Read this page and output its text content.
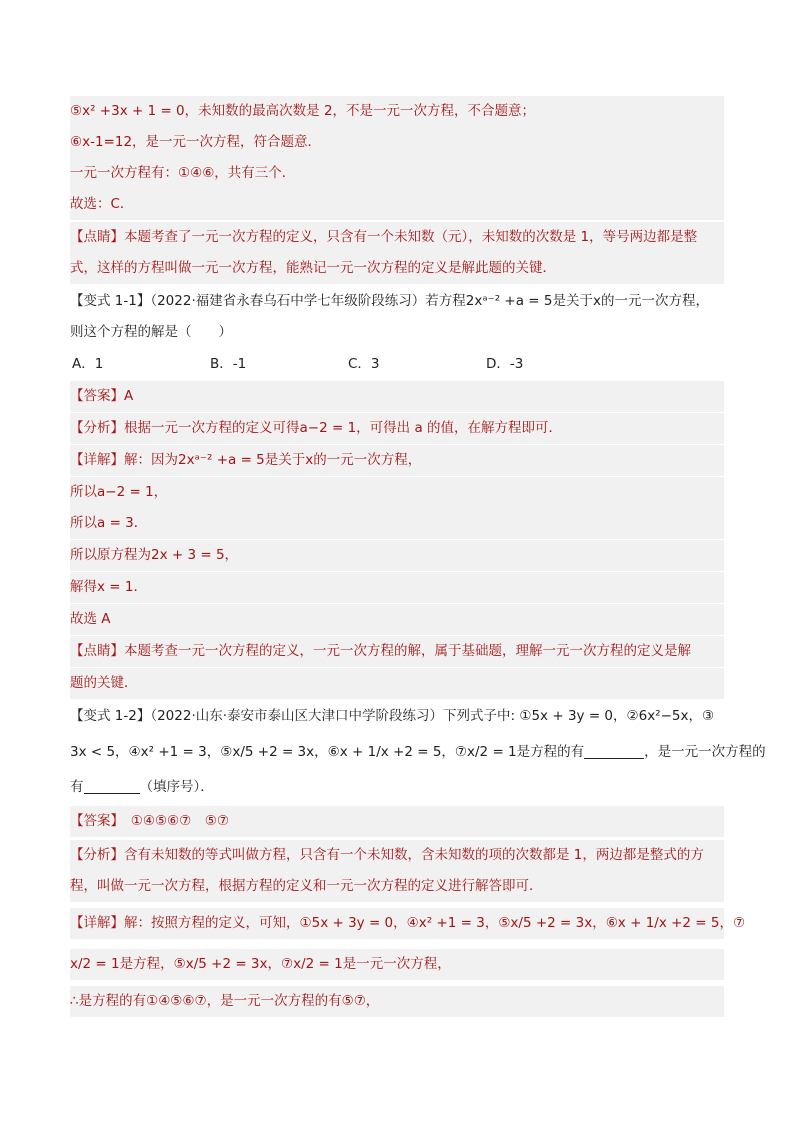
⑤x² +3x + 1 = 0，未知数的最高次数是 2，不是一元一次方程，不合题意；
⑥x-1=12，是一元一次方程，符合题意．
一元一次方程有：①④⑥，共有三个．
故选：C．
【点睛】本题考查了一元一次方程的定义，只含有一个未知数（元），未知数的次数是 1，等号两边都是整
式，这样的方程叫做一元一次方程，能熟记一元一次方程的定义是解此题的关键．
【变式 1-1】（2022·福建省永春乌石中学七年级阶段练习）若方程2xᵃ⁻² +a = 5是关于x的一元一次方程，
则这个方程的解是（　　）
A．1	B．-1	C．3	D．-3
【答案】A
【分析】根据一元一次方程的定义可得a−2 = 1，可得出 a 的值，在解方程即可．
【详解】解：因为2xᵃ⁻² +a = 5是关于x的一元一次方程，
所以a−2 = 1，
所以a = 3．
所以原方程为2x + 3 = 5，
解得x = 1．
故选 A
【点睛】本题考查一元一次方程的定义，一元一次方程的解，属于基础题，理解一元一次方程的定义是解
题的关键．
【变式 1-2】（2022·山东·泰安市泰山区大津口中学阶段练习）下列式子中: ①5x + 3y = 0，②6x²−5x，③
3x < 5，④x² +1 = 3，⑤x/5 +2 = 3x，⑥x + 1/x +2 = 5，⑦x/2 = 1是方程的有	，是一元一次方程的
有	（填序号）．
【答案】　①④⑤⑥⑦　⑤⑦
【分析】含有未知数的等式叫做方程，只含有一个未知数，含未知数的项的次数都是 1，两边都是整式的方
程，叫做一元一次方程，根据方程的定义和一元一次方程的定义进行解答即可．
【详解】解：按照方程的定义，可知，①5x + 3y = 0，④x² +1 = 3，⑤x/5 +2 = 3x，⑥x + 1/x +2 = 5，⑦
x/2 = 1是方程，⑤x/5 +2 = 3x，⑦x/2 = 1是一元一次方程，
∴是方程的有①④⑤⑥⑦，是一元一次方程的有⑤⑦，
